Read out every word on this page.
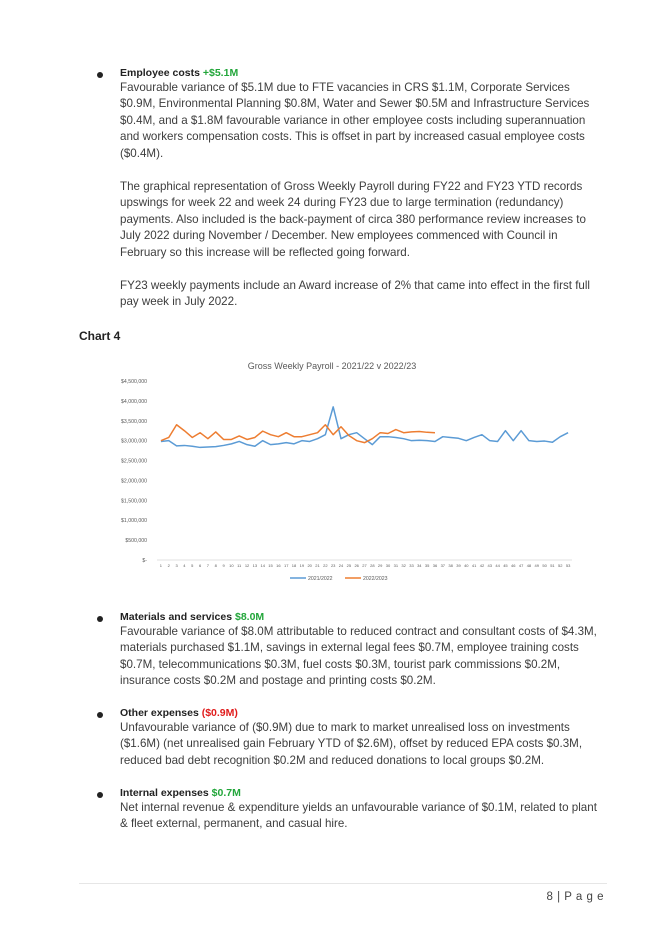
Employee costs +$5.1M

Favourable variance of $5.1M due to FTE vacancies in CRS $1.1M, Corporate Services $0.9M, Environmental Planning $0.8M, Water and Sewer $0.5M and Infrastructure Services $0.4M, and a $1.8M favourable variance in other employee costs including superannuation and workers compensation costs. This is offset in part by increased casual employee costs ($0.4M).

The graphical representation of Gross Weekly Payroll during FY22 and FY23 YTD records upswings for week 22 and week 24 during FY23 due to large termination (redundancy) payments. Also included is the back-payment of circa 380 performance review increases to July 2022 during November / December. New employees commenced with Council in February so this increase will be reflected going forward.

FY23 weekly payments include an Award increase of 2% that came into effect in the first full pay week in July 2022.

Chart 4
Gross Weekly Payroll - 2021/22 v 2022/23
$-
$500,000
$1,000,000
$1,500,000
$2,000,000
$2,500,000
$3,000,000
$3,500,000
$4,000,000
$4,500,000
1 2 3 4 5 6 7 8 9 10 11 12 13 14 15 16 17 18 19 20 21 22 23 24 25 26 27 28 29 30 31 32 33 34 35 36 37 38 39 40 41 42 43 44 45 46 47 48 49 50 51 52 53
2021/2022	2022/2023
Materials and services $8.0M

Favourable variance of $8.0M attributable to reduced contract and consultant costs of $4.3M, materials purchased $1.1M, savings in external legal fees $0.7M, employee training costs $0.7M, telecommunications $0.3M, fuel costs $0.3M, tourist park commissions $0.2M, insurance costs $0.2M and postage and printing costs $0.2M.

Other expenses ($0.9M)

Unfavourable variance of ($0.9M) due to mark to market unrealised loss on investments ($1.6M) (net unrealised gain February YTD of $2.6M), offset by reduced EPA costs $0.3M, reduced bad debt recognition $0.2M and reduced donations to local groups $0.2M.

Internal expenses $0.7M

Net internal revenue & expenditure yields an unfavourable variance of $0.1M, related to plant & fleet external, permanent, and casual hire.

8 | P a g e
